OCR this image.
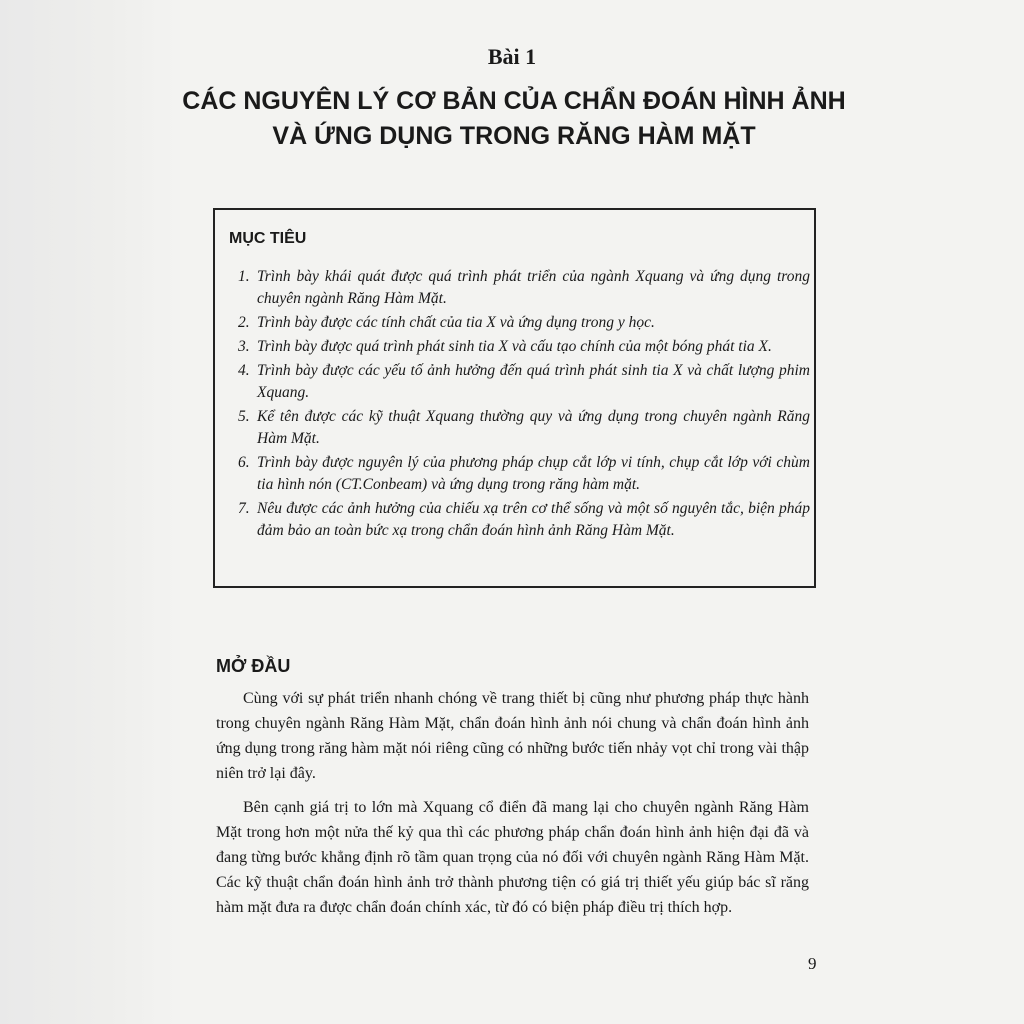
Bài 1
CÁC NGUYÊN LÝ CƠ BẢN CỦA CHẨN ĐOÁN HÌNH ẢNH
VÀ ỨNG DỤNG TRONG RĂNG HÀM MẶT
MỤC TIÊU
1. Trình bày khái quát được quá trình phát triển của ngành Xquang và ứng dụng trong chuyên ngành Răng Hàm Mặt.
2. Trình bày được các tính chất của tia X và ứng dụng trong y học.
3. Trình bày được quá trình phát sinh tia X và cấu tạo chính của một bóng phát tia X.
4. Trình bày được các yếu tố ảnh hưởng đến quá trình phát sinh tia X và chất lượng phim Xquang.
5. Kể tên được các kỹ thuật Xquang thường quy và ứng dụng trong chuyên ngành Răng Hàm Mặt.
6. Trình bày được nguyên lý của phương pháp chụp cắt lớp vi tính, chụp cắt lớp với chùm tia hình nón (CT.Conbeam) và ứng dụng trong răng hàm mặt.
7. Nêu được các ảnh hưởng của chiếu xạ trên cơ thể sống và một số nguyên tắc, biện pháp đảm bảo an toàn bức xạ trong chẩn đoán hình ảnh Răng Hàm Mặt.
MỞ ĐẦU

Cùng với sự phát triển nhanh chóng về trang thiết bị cũng như phương pháp thực hành trong chuyên ngành Răng Hàm Mặt, chẩn đoán hình ảnh nói chung và chẩn đoán hình ảnh ứng dụng trong răng hàm mặt nói riêng cũng có những bước tiến nhảy vọt chỉ trong vài thập niên trở lại đây.

Bên cạnh giá trị to lớn mà Xquang cổ điển đã mang lại cho chuyên ngành Răng Hàm Mặt trong hơn một nửa thế kỷ qua thì các phương pháp chẩn đoán hình ảnh hiện đại đã và đang từng bước khẳng định rõ tầm quan trọng của nó đối với chuyên ngành Răng Hàm Mặt. Các kỹ thuật chẩn đoán hình ảnh trở thành phương tiện có giá trị thiết yếu giúp bác sĩ răng hàm mặt đưa ra được chẩn đoán chính xác, từ đó có biện pháp điều trị thích hợp.

9
